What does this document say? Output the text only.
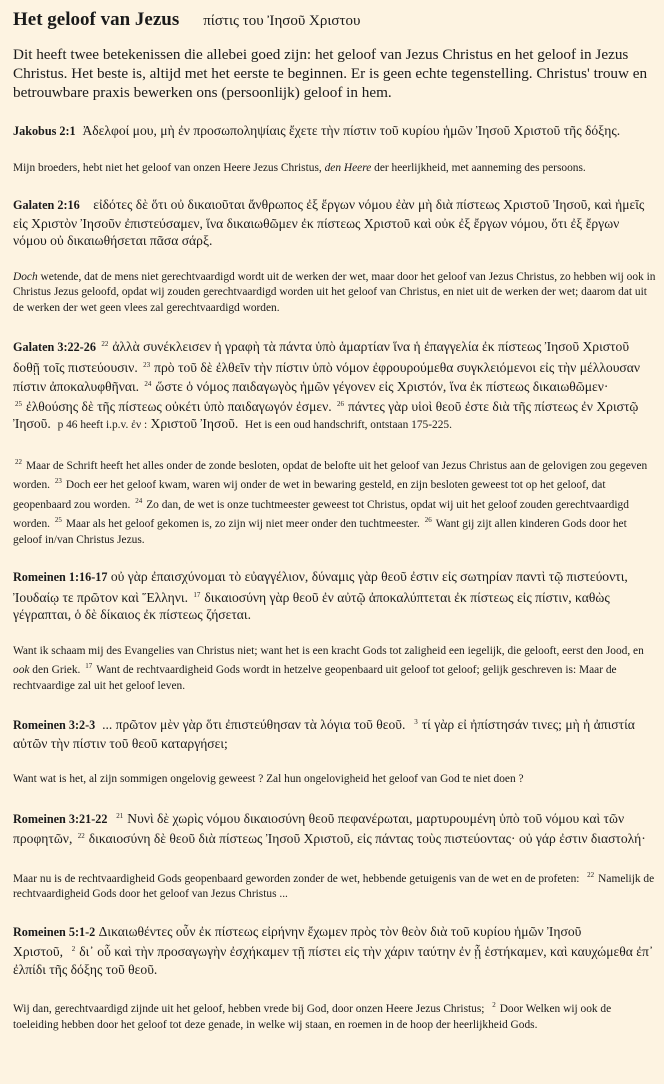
Het geloof van Jezus πίστις του Ἰησοῦ Χριστου

Dit heeft twee betekenissen die allebei goed zijn: het geloof van Jezus Christus en het geloof in Jezus Christus. Het beste is, altijd met het eerste te beginnen. Er is geen echte tegenstelling. Christus' trouw en betrouwbare praxis bewerken ons (persoonlijk) geloof in hem.

Jakobus 2:1 Ἀδελφοί μου, μὴ ἐν προσωποληψίαις ἔχετε τὴν πίστιν τοῦ κυρίου ἡμῶν Ἰησοῦ Χριστοῦ τῆς δόξης.

Mijn broeders, hebt niet het geloof van onzen Heere Jezus Christus, den Heere der heerlijkheid, met aanneming des persoons.

Galaten 2:16 εἰδότες δὲ ὅτι οὐ δικαιοῦται ἄνθρωπος ἐξ ἔργων νόμου ἐὰν μὴ διὰ πίστεως Χριστοῦ Ἰησοῦ, καὶ ἡμεῖς εἰς Χριστὸν Ἰησοῦν ἐπιστεύσαμεν, ἵνα δικαιωθῶμεν ἐκ πίστεως Χριστοῦ καὶ οὐκ ἐξ ἔργων νόμου, ὅτι ἐξ ἔργων νόμου οὐ δικαιωθήσεται πᾶσα σάρξ.

Doch wetende, dat de mens niet gerechtvaardigd wordt uit de werken der wet, maar door het geloof van Jezus Christus, zo hebben wij ook in Christus Jezus geloofd, opdat wij zouden gerechtvaardigd worden uit het geloof van Christus, en niet uit de werken der wet; daarom dat uit de werken der wet geen vlees zal gerechtvaardigd worden.

Galaten 3:22-26 $^{22}$ ἀλλὰ συνέκλεισεν ἡ γραφὴ τὰ πάντα ὑπὸ ἁμαρτίαν ἵνα ἡ ἐπαγγελία ἐκ πίστεως Ἰησοῦ Χριστοῦ δοθῇ τοῖς πιστεύουσιν. $^{23}$ πρὸ τοῦ δὲ ἐλθεῖν τὴν πίστιν ὑπὸ νόμον ἐφρουρούμεθα συγκλειόμενοι εἰς τὴν μέλλουσαν πίστιν ἀποκαλυφθῆναι. $^{24}$ ὥστε ὁ νόμος παιδαγωγὸς ἡμῶν γέγονεν εἰς Χριστόν, ἵνα ἐκ πίστεως δικαιωθῶμεν· $^{25}$ ἐλθούσης δὲ τῆς πίστεως οὐκέτι ὑπὸ παιδαγωγόν ἐσμεν. $^{26}$ πάντες γὰρ υἱοὶ θεοῦ ἐστε διὰ τῆς πίστεως ἐν Χριστῷ Ἰησοῦ. p 46 heeft i.p.v. ἐν : Χριστοῦ Ἰησοῦ. Het is een oud handschrift, ontstaan 175-225.

$^{22}$ Maar de Schrift heeft het alles onder de zonde besloten, opdat de belofte uit het geloof van Jezus Christus aan de gelovigen zou gegeven worden. $^{23}$ Doch eer het geloof kwam, waren wij onder de wet in bewaring gesteld, en zijn besloten geweest tot op het geloof, dat geopenbaard zou worden. $^{24}$ Zo dan, de wet is onze tuchtmeester geweest tot Christus, opdat wij uit het geloof zouden gerechtvaardigd worden. $^{25}$ Maar als het geloof gekomen is, zo zijn wij niet meer onder den tuchtmeester. $^{26}$ Want gij zijt allen kinderen Gods door het geloof in/van Christus Jezus.

Romeinen 1:16-17 οὐ γὰρ ἐπαισχύνομαι τὸ εὐαγγέλιον, δύναμις γὰρ θεοῦ ἐστιν εἰς σωτηρίαν παντὶ τῷ πιστεύοντι, Ἰουδαίῳ τε πρῶτον καὶ Ἕλληνι. $^{17}$ δικαιοσύνη γὰρ θεοῦ ἐν αὐτῷ ἀποκαλύπτεται ἐκ πίστεως εἰς πίστιν, καθὼς γέγραπται, ὁ δὲ δίκαιος ἐκ πίστεως ζήσεται.

Want ik schaam mij des Evangelies van Christus niet; want het is een kracht Gods tot zaligheid een iegelijk, die gelooft, eerst den Jood, en ook den Griek. $^{17}$ Want de rechtvaardigheid Gods wordt in hetzelve geopenbaard uit geloof tot geloof; gelijk geschreven is: Maar de rechtvaardige zal uit het geloof leven.

Romeinen 3:2-3 ... πρῶτον μὲν γὰρ ὅτι ἐπιστεύθησαν τὰ λόγια τοῦ θεοῦ. $^3$ τί γὰρ εἰ ἠπίστησάν τινες; μὴ ἡ ἀπιστία αὐτῶν τὴν πίστιν τοῦ θεοῦ καταργήσει;

Want wat is het, al zijn sommigen ongelovig geweest ? Zal hun ongelovigheid het geloof van God te niet doen ?

Romeinen 3:21-22 $^{21}$ Νυνὶ δὲ χωρὶς νόμου δικαιοσύνη θεοῦ πεφανέρωται, μαρτυρουμένη ὑπὸ τοῦ νόμου καὶ τῶν προφητῶν, $^{22}$ δικαιοσύνη δὲ θεοῦ διὰ πίστεως Ἰησοῦ Χριστοῦ, εἰς πάντας τοὺς πιστεύοντας· οὐ γάρ ἐστιν διαστολή·

Maar nu is de rechtvaardigheid Gods geopenbaard geworden zonder de wet, hebbende getuigenis van de wet en de profeten: $^{22}$ Namelijk de rechtvaardigheid Gods door het geloof van Jezus Christus ...

Romeinen 5:1-2 Δικαιωθέντες οὖν ἐκ πίστεως εἰρήνην ἔχωμεν πρὸς τὸν θεὸν διὰ τοῦ κυρίου ἡμῶν Ἰησοῦ Χριστοῦ, $^2$ δι᾽ οὗ καὶ τὴν προσαγωγὴν ἐσχήκαμεν τῇ πίστει εἰς τὴν χάριν ταύτην ἐν ᾗ ἑστήκαμεν, καὶ καυχώμεθα ἐπ᾽ ἐλπίδι τῆς δόξης τοῦ θεοῦ.

Wij dan, gerechtvaardigd zijnde uit het geloof, hebben vrede bij God, door onzen Heere Jezus Christus; $^2$ Door Welken wij ook de toeleiding hebben door het geloof tot deze genade, in welke wij staan, en roemen in de hoop der heerlijkheid Gods.
